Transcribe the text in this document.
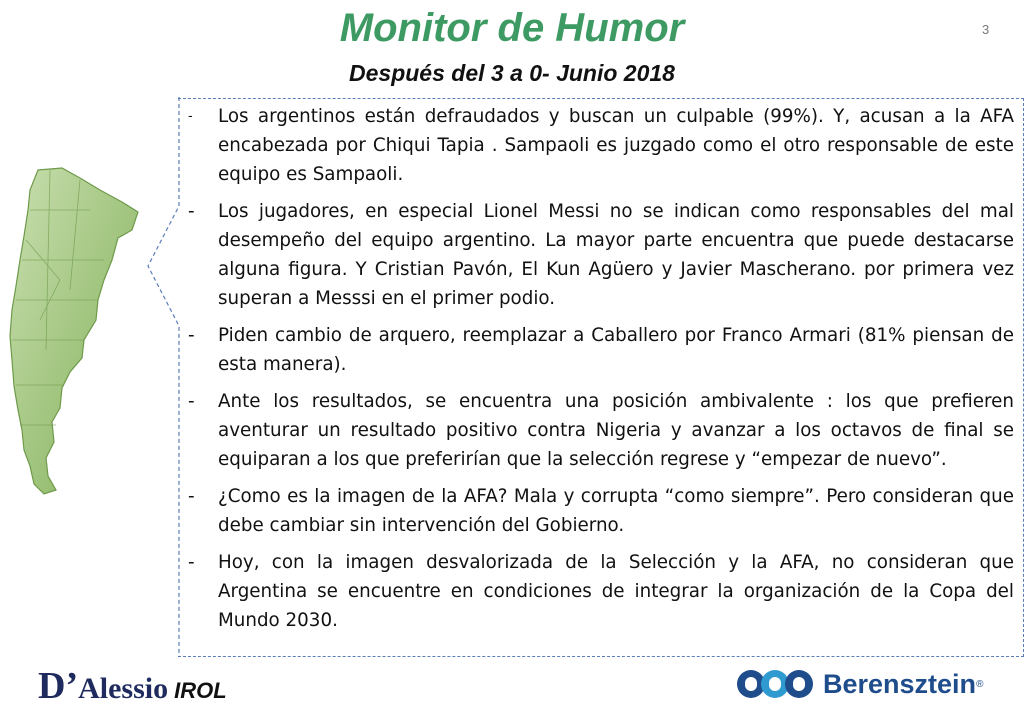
Monitor de Humor
Después del 3 a 0- Junio 2018
3
-	Los argentinos están defraudados y buscan un culpable (99%). Y, acusan a la AFA encabezada por Chiqui Tapia . Sampaoli es juzgado como el otro responsable de este equipo es Sampaoli.
-	Los jugadores, en especial Lionel Messi no se indican como responsables del mal desempeño del equipo argentino. La mayor parte encuentra que puede destacarse alguna figura. Y Cristian Pavón, El Kun Agüero y Javier Mascherano. por primera vez superan a Messsi en el primer podio.
-	Piden cambio de arquero, reemplazar a Caballero por Franco Armari (81% piensan de esta manera).
-	Ante los resultados, se encuentra una posición ambivalente : los que prefieren aventurar un resultado positivo contra Nigeria y avanzar a los octavos de final se equiparan a los que preferirían que la selección regrese y “empezar de nuevo”.
-	¿Como es la imagen de la AFA? Mala y corrupta “como siempre”. Pero consideran que debe cambiar sin intervención del Gobierno.
-	Hoy, con la imagen desvalorizada de la Selección y la AFA, no consideran que Argentina se encuentre en condiciones de integrar la organización de la Copa del Mundo 2030.
D’Alessio IROL	Berensztein ®
